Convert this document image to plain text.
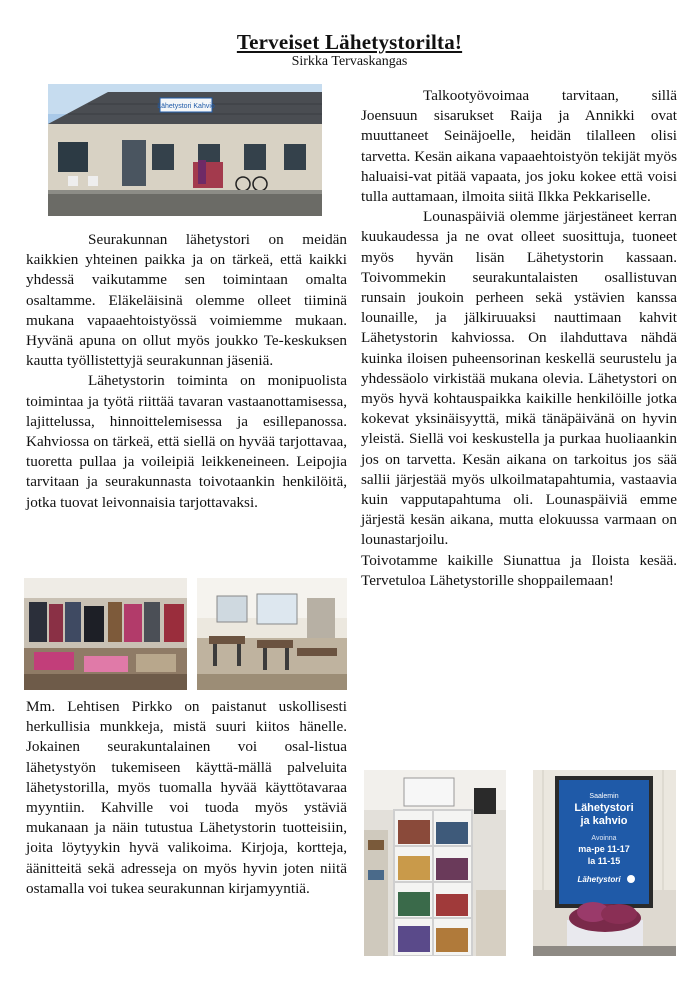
Terveiset Lähetystorilta!
Sirkka Tervaskangas
Lähetystori Kahvio

Seurakunnan lähetystori on meidän kaikkien yhteinen paikka ja on tärkeä, että kaikki yhdessä vaikutamme sen toimintaan omalta osaltamme. Eläkeläisinä olemme olleet tiiminä mukana vapaaehtoistyössä voimiemme mukaan. Hyvänä apuna on ollut myös joukko Te-keskuksen kautta työllistettyjä seurakunnan jäseniä.

Lähetystorin toiminta on monipuolista toimintaa ja työtä riittää tavaran vastaanottamisessa, lajittelussa, hinnoittelemisessa ja esillepanossa. Kahviossa on tärkeä, että siellä on hyvää tarjottavaa, tuoretta pullaa ja voileipiä leikkeneineen. Leipojia tarvitaan ja seurakunnasta toivotaankin henkilöitä, jotka tuovat leivonnaisia tarjottavaksi.

Mm. Lehtisen Pirkko on paistanut uskollisesti herkullisia munkkeja, mistä suuri kiitos hänelle. Jokainen seurakuntalainen voi osal-listua lähetystyön tukemiseen käyttä-mällä palveluita lähetystorilla, myös tuomalla hyvää käyttötavaraa myyntiin. Kahville voi tuoda myös ystäviä mukanaan ja näin tutustua Lähetystorin tuotteisiin, joita löytyykin hyvä valikoima. Kirjoja, kortteja, äänitteitä sekä adresseja on myös hyvin joten niitä ostamalla voi tukea seurakunnan kirjamyyntiä.

Talkootyövoimaa tarvitaan, sillä Joensuun sisarukset Raija ja Annikki ovat muuttaneet Seinäjoelle, heidän tilalleen olisi tarvetta. Kesän aikana vapaaehtoistyön tekijät myös haluaisi-vat pitää vapaata, jos joku kokee että voisi tulla auttamaan, ilmoita siitä Ilkka Pekkariselle.

Lounaspäiviä olemme järjestäneet kerran kuukaudessa ja ne ovat olleet suosittuja, tuoneet myös hyvän lisän Lähetystorin kassaan. Toivommekin seurakuntalaisten osallistuvan runsain joukoin perheen sekä ystävien kanssa lounaille, ja jälkiruuaksi nauttimaan kahvit Lähetystorin kahviossa. On ilahduttava nähdä kuinka iloisen puheensorinan keskellä seurustelu ja yhdessäolo virkistää mukana olevia. Lähetystori on myös hyvä kohtauspaikka kaikille henkilöille jotka kokevat yksinäisyyttä, mikä tänäpäivänä on hyvin yleistä. Siellä voi keskustella ja purkaa huoliaankin jos on tarvetta. Kesän aikana on tarkoitus jos sää sallii järjestää myös ulkoilmatapahtumia, vastaavia kuin vapputapahtuma oli. Lounaspäiviä emme järjestä kesän aikana, mutta elokuussa varmaan on lounastarjoilu.

Toivotamme kaikille Siunattua ja Iloista kesää. Tervetuloa Lähetystorille shoppailemaan!

Saalemin
Lähetystori
ja kahvio
Avoinna
ma-pe 11-17
la 11-15
Lähetystori
